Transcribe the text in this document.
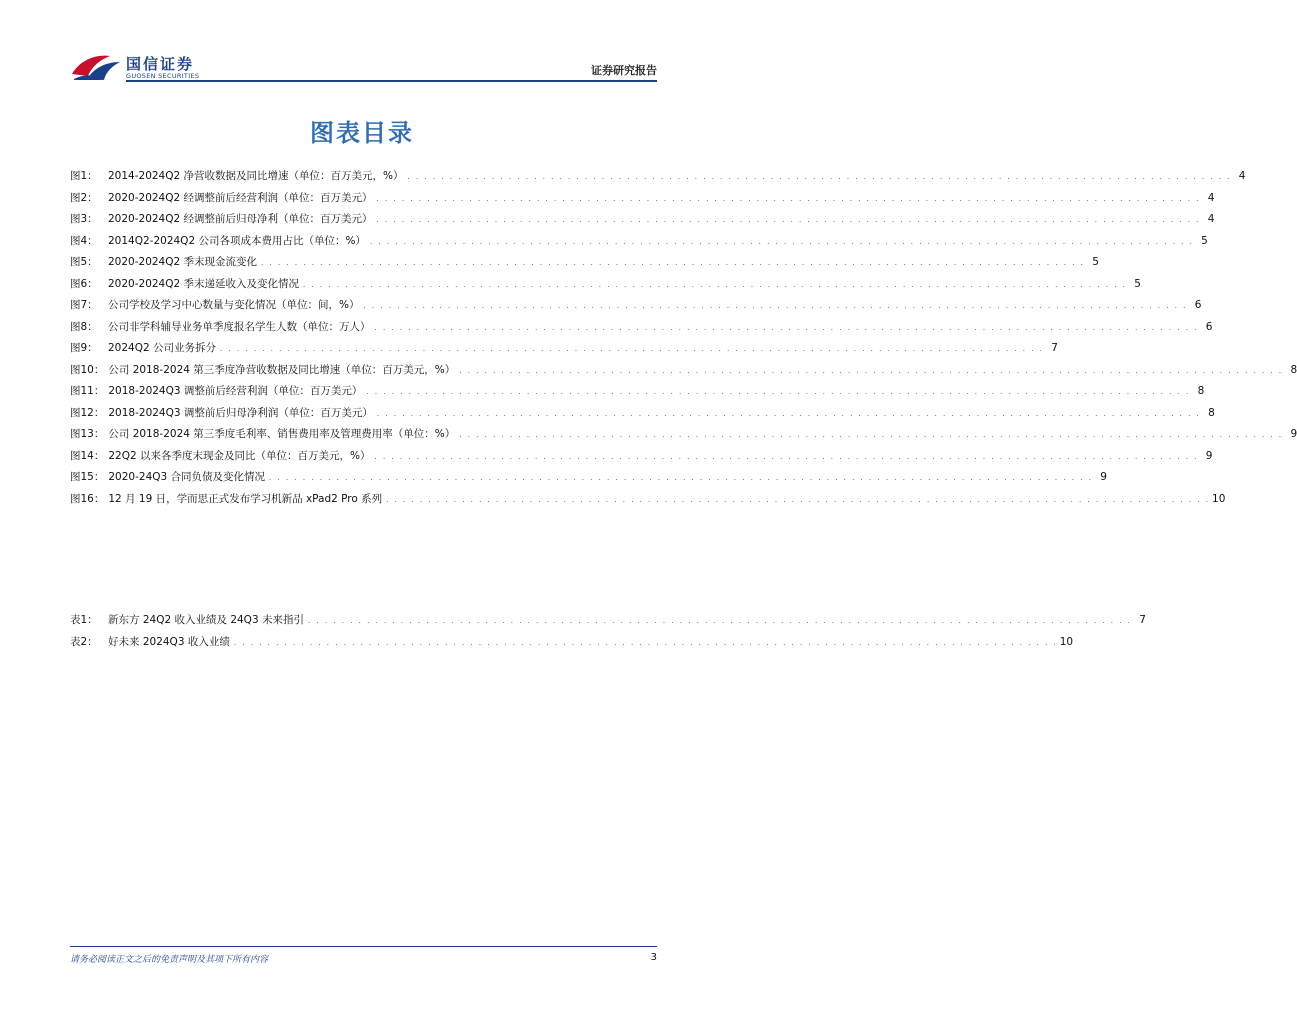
国信证券
GUOSEN SECURITIES	证券研究报告
图表目录
图1： 2014-2024Q2 净营收数据及同比增速（单位：百万美元，%） . . .	4
图2： 2020-2024Q2 经调整前后经营利润（单位：百万美元） . . .	4
图3： 2020-2024Q2 经调整前后归母净利（单位：百万美元） . . .	4
图4： 2014Q2-2024Q2 公司各项成本费用占比（单位：%） . . .	5
图5： 2020-2024Q2 季末现金流变化 . . .	5
图6： 2020-2024Q2 季末递延收入及变化情况 . . .	5
图7： 公司学校及学习中心数量与变化情况（单位：间，%） . . .	6
图8： 公司非学科辅导业务单季度报名学生人数（单位：万人） . . .	6
图9： 2024Q2 公司业务拆分 . . .	7
图10： 公司 2018-2024 第三季度净营收数据及同比增速（单位：百万美元，%） . . .	8
图11： 2018-2024Q3 调整前后经营利润（单位：百万美元） . . .	8
图12： 2018-2024Q3 调整前后归母净利润（单位：百万美元） . . .	8
图13： 公司 2018-2024 第三季度毛利率、销售费用率及管理费用率（单位：%） . . .	9
图14： 22Q2 以来各季度末现金及同比（单位：百万美元，%） . . .	9
图15： 2020-24Q3 合同负债及变化情况 . . .	9
图16： 12 月 19 日，学而思正式发布学习机新品 xPad2 Pro 系列 . . .	10
表1： 新东方 24Q2 收入业绩及 24Q3 未来指引 . . .	7
表2： 好未来 2024Q3 收入业绩 . . .	10
请务必阅读正文之后的免责声明及其项下所有内容	3
